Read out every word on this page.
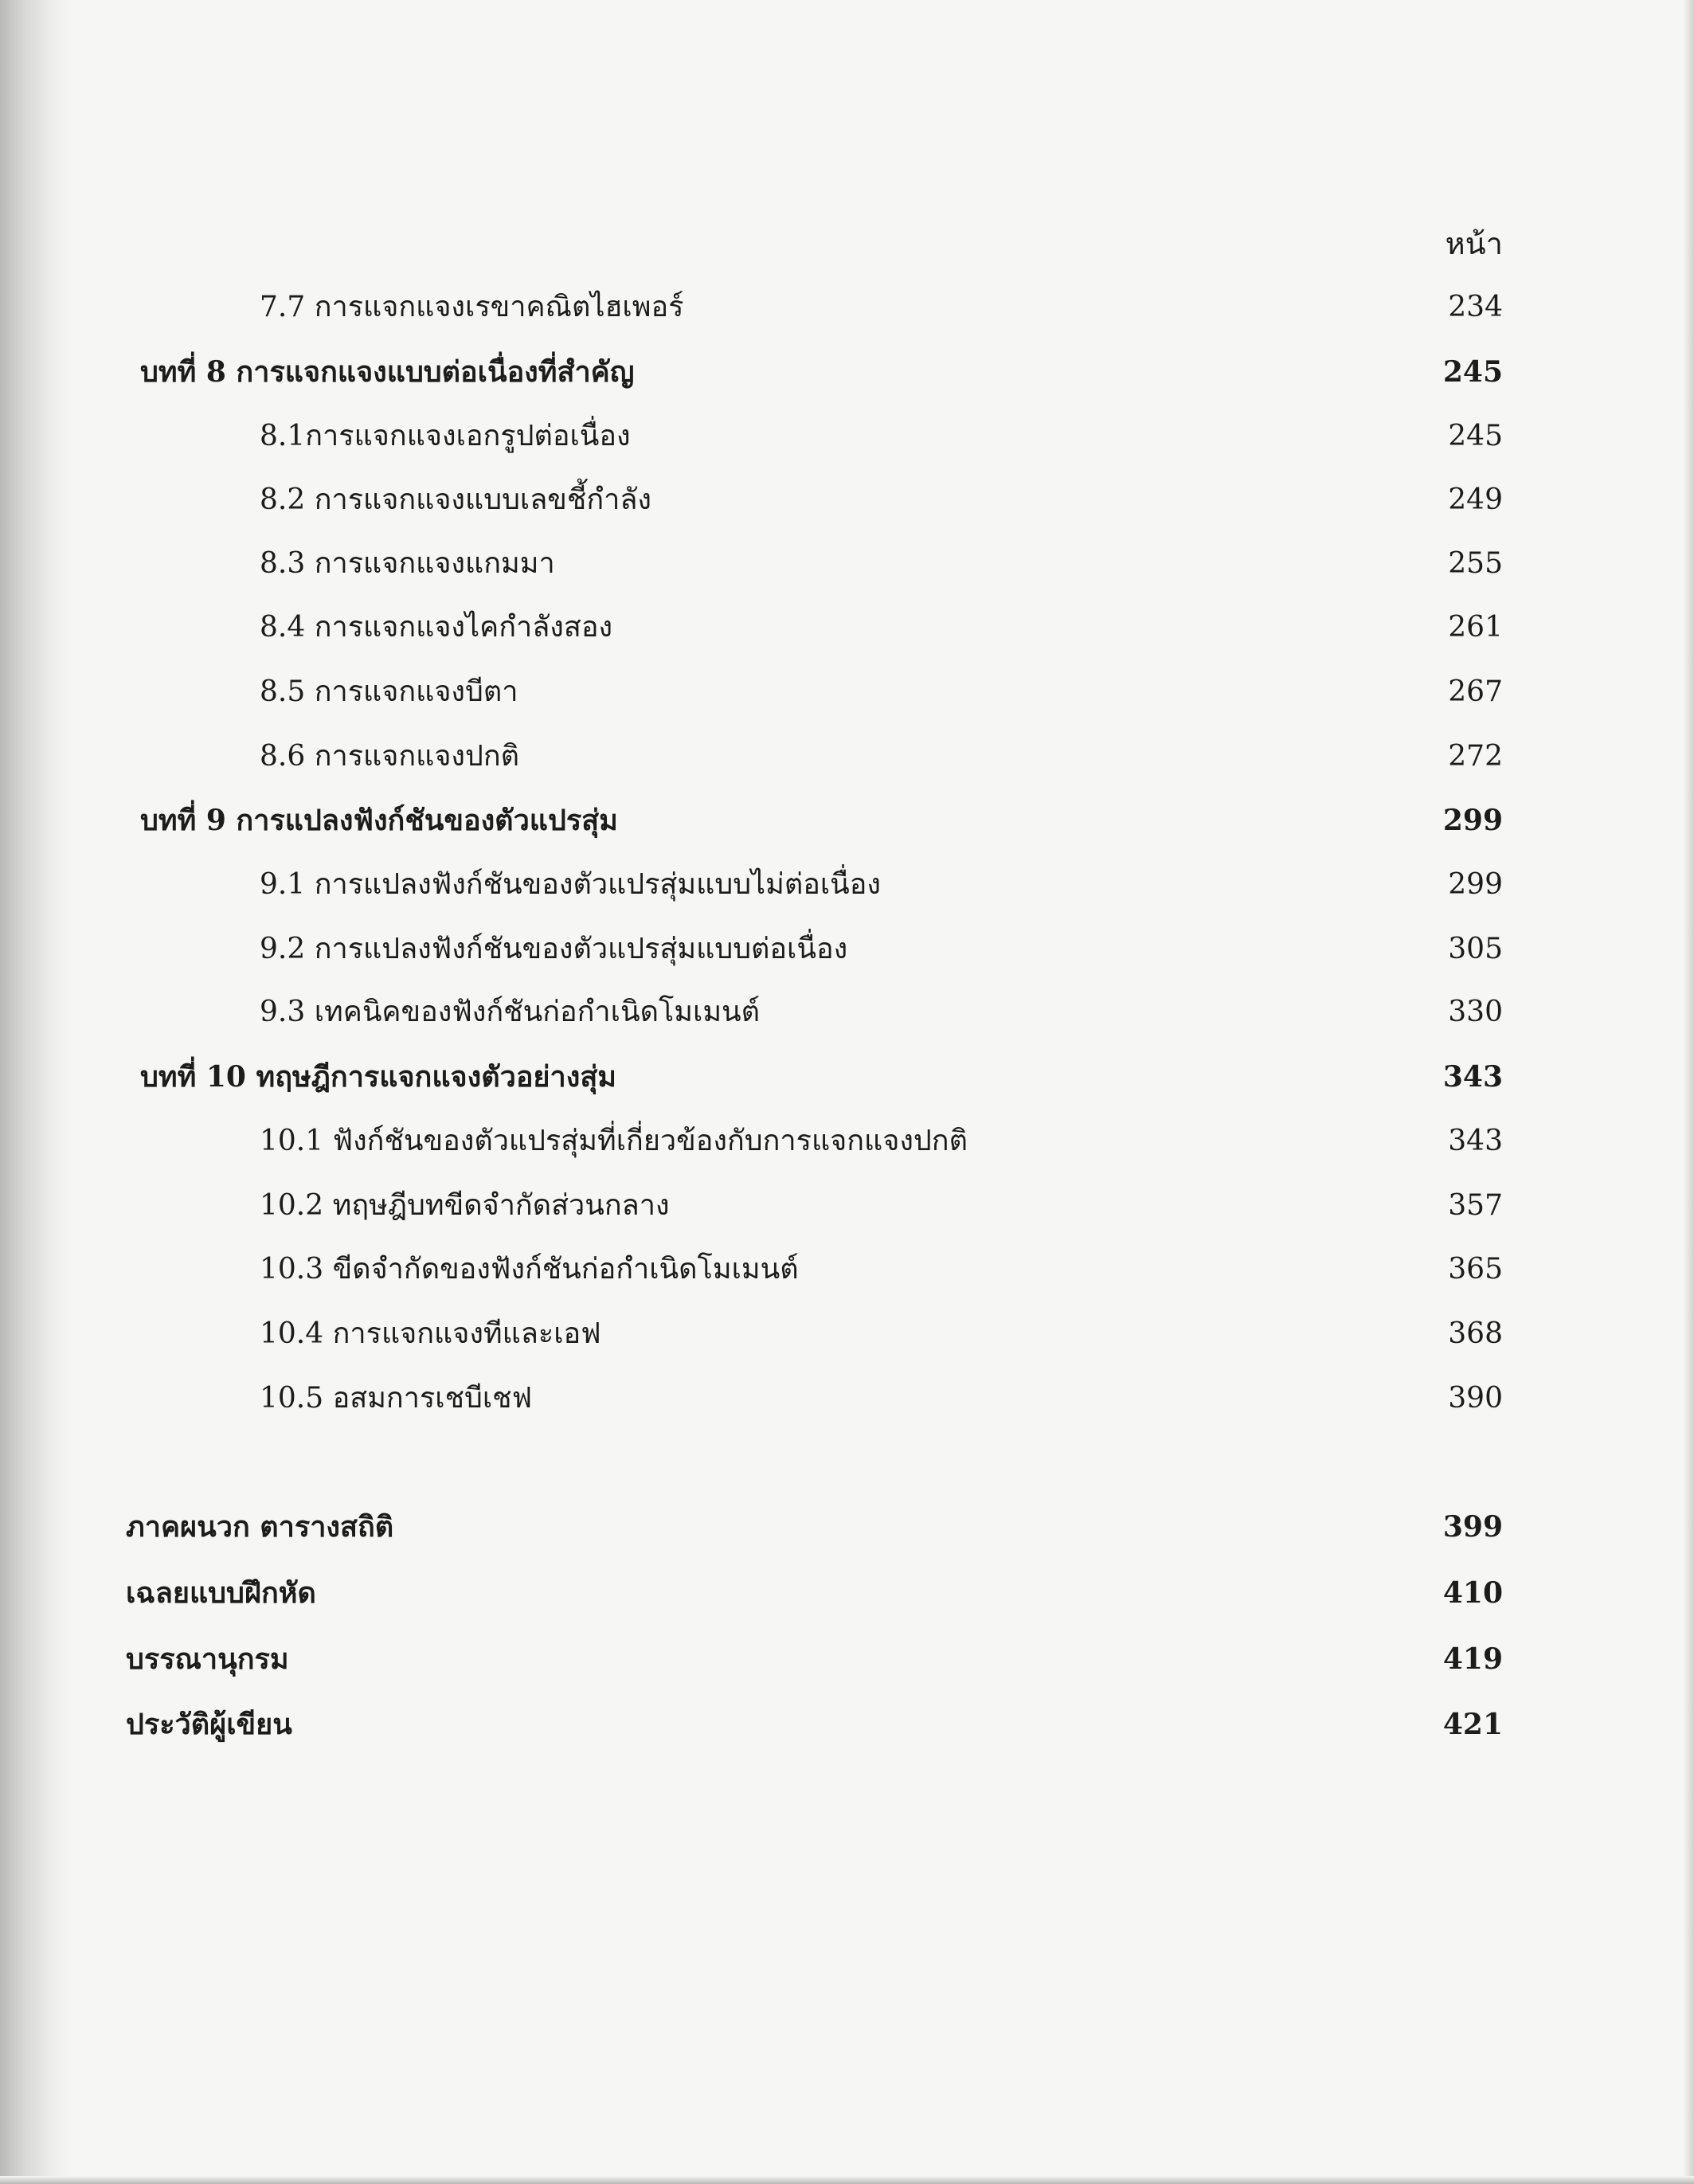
หน้า
7.7 การแจกแจงเรขาคณิตไฮเพอร์	234
บทที่ 8 การแจกแจงแบบต่อเนื่องที่สำคัญ	245
8.1การแจกแจงเอกรูปต่อเนื่อง	245
8.2 การแจกแจงแบบเลขชี้กำลัง	249
8.3 การแจกแจงแกมมา	255
8.4 การแจกแจงไคกำลังสอง	261
8.5 การแจกแจงบีตา	267
8.6 การแจกแจงปกติ	272
บทที่ 9 การแปลงฟังก์ชันของตัวแปรสุ่ม	299
9.1 การแปลงฟังก์ชันของตัวแปรสุ่มแบบไม่ต่อเนื่อง	299
9.2 การแปลงฟังก์ชันของตัวแปรสุ่มแบบต่อเนื่อง	305
9.3 เทคนิคของฟังก์ชันก่อกำเนิดโมเมนต์	330
บทที่ 10 ทฤษฎีการแจกแจงตัวอย่างสุ่ม	343
10.1 ฟังก์ชันของตัวแปรสุ่มที่เกี่ยวข้องกับการแจกแจงปกติ	343
10.2 ทฤษฎีบทขีดจำกัดส่วนกลาง	357
10.3 ขีดจำกัดของฟังก์ชันก่อกำเนิดโมเมนต์	365
10.4 การแจกแจงทีและเอฟ	368
10.5 อสมการเชบีเชฟ	390
ภาคผนวก ตารางสถิติ	399
เฉลยแบบฝึกหัด	410
บรรณานุกรม	419
ประวัติผู้เขียน	421
